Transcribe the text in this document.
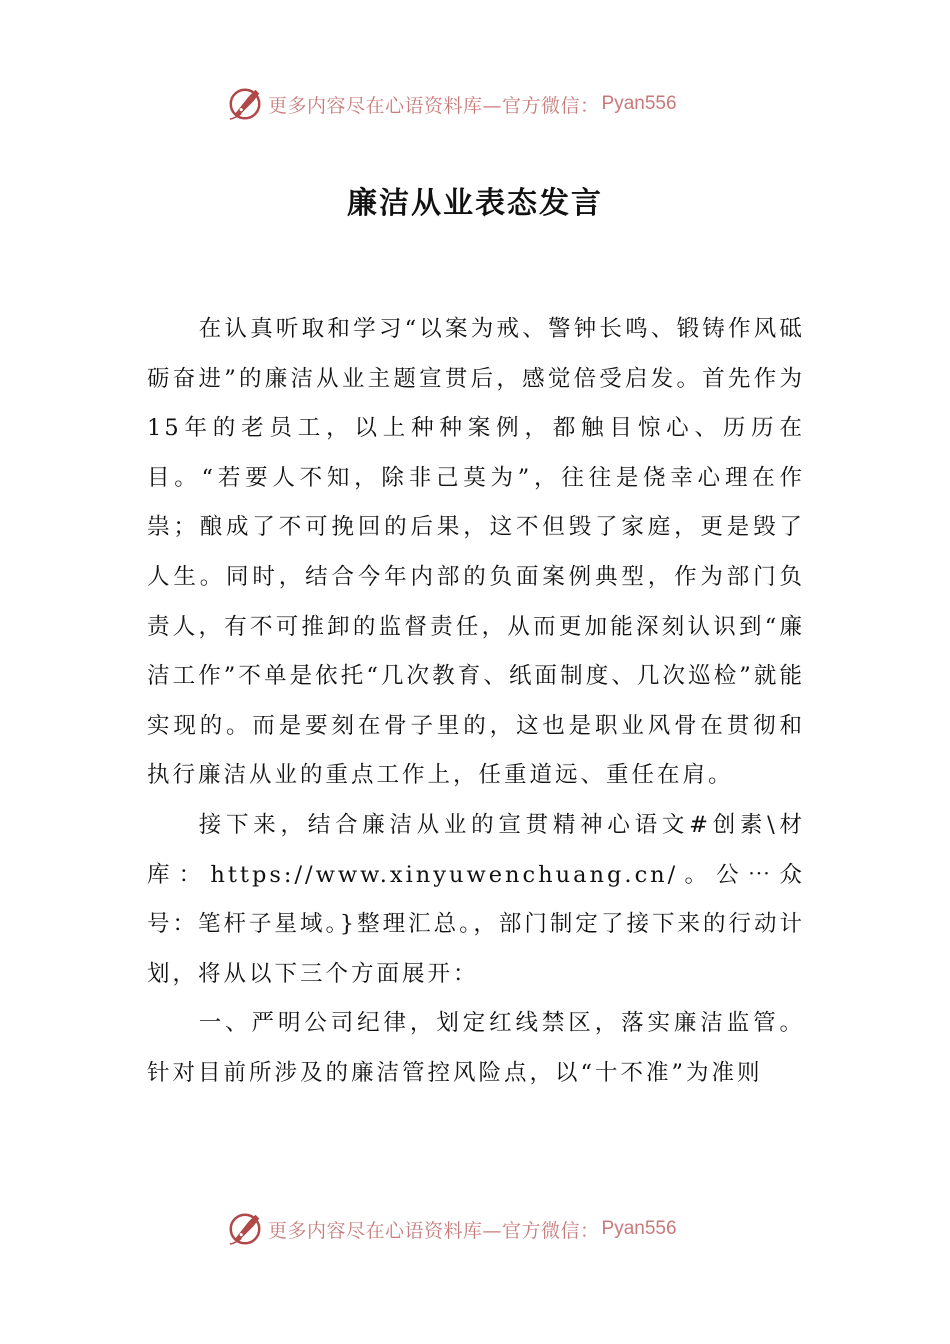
更多内容尽在心语资料库—官方微信： Pyan556
廉洁从业表态发言

在认真听取和学习“以案为戒、警钟长鸣、锻铸作风砥砺奋进”的廉洁从业主题宣贯后，感觉倍受启发。首先作为15年的老员工，以上种种案例，都触目惊心、历历在目。“若要人不知，除非己莫为”，往往是侥幸心理在作祟；酿成了不可挽回的后果，这不但毁了家庭，更是毁了人生。同时，结合今年内部的负面案例典型，作为部门负责人，有不可推卸的监督责任，从而更加能深刻认识到“廉洁工作”不单是依托“几次教育、纸面制度、几次巡检”就能实现的。而是要刻在骨子里的，这也是职业风骨在贯彻和执行廉洁从业的重点工作上，任重道远、重任在肩。

接下来，结合廉洁从业的宣贯精神心语文#创素\材库：https://www.xinyuwenchuang.cn/。公⋯众号：笔杆子星域。}整理汇总。，部门制定了接下来的行动计划，将从以下三个方面展开：

一、严明公司纪律，划定红线禁区，落实廉洁监管。针对目前所涉及的廉洁管控风险点，以“十不准”为准则

更多内容尽在心语资料库—官方微信： Pyan556
